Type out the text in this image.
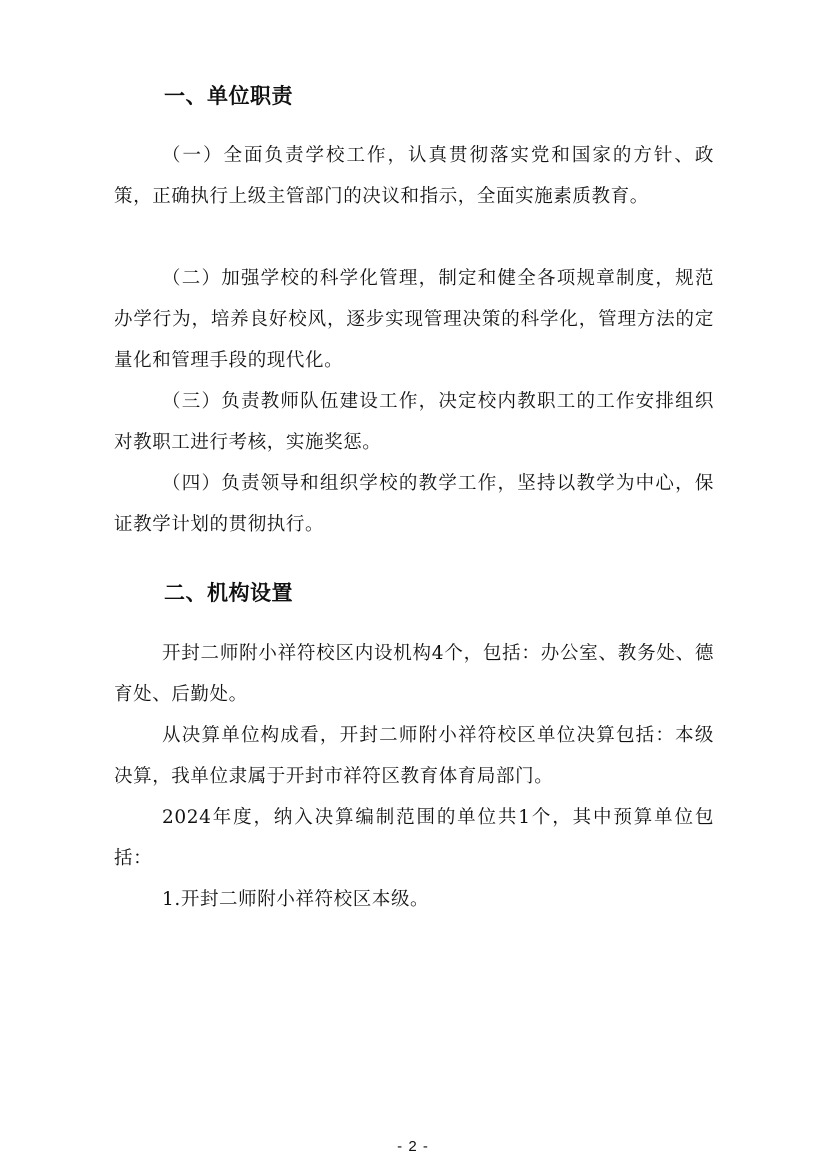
一、单位职责

（一）全面负责学校工作，认真贯彻落实党和国家的方针、政策，正确执行上级主管部门的决议和指示，全面实施素质教育。

（二）加强学校的科学化管理，制定和健全各项规章制度，规范办学行为，培养良好校风，逐步实现管理决策的科学化，管理方法的定量化和管理手段的现代化。

（三）负责教师队伍建设工作，决定校内教职工的工作安排组织对教职工进行考核，实施奖惩。

（四）负责领导和组织学校的教学工作，坚持以教学为中心，保证教学计划的贯彻执行。

二、机构设置

开封二师附小祥符校区内设机构4个，包括：办公室、教务处、德育处、后勤处。

从决算单位构成看，开封二师附小祥符校区单位决算包括：本级决算，我单位隶属于开封市祥符区教育体育局部门。

2024年度，纳入决算编制范围的单位共1个，其中预算单位包括：

1.开封二师附小祥符校区本级。

- 2 -
